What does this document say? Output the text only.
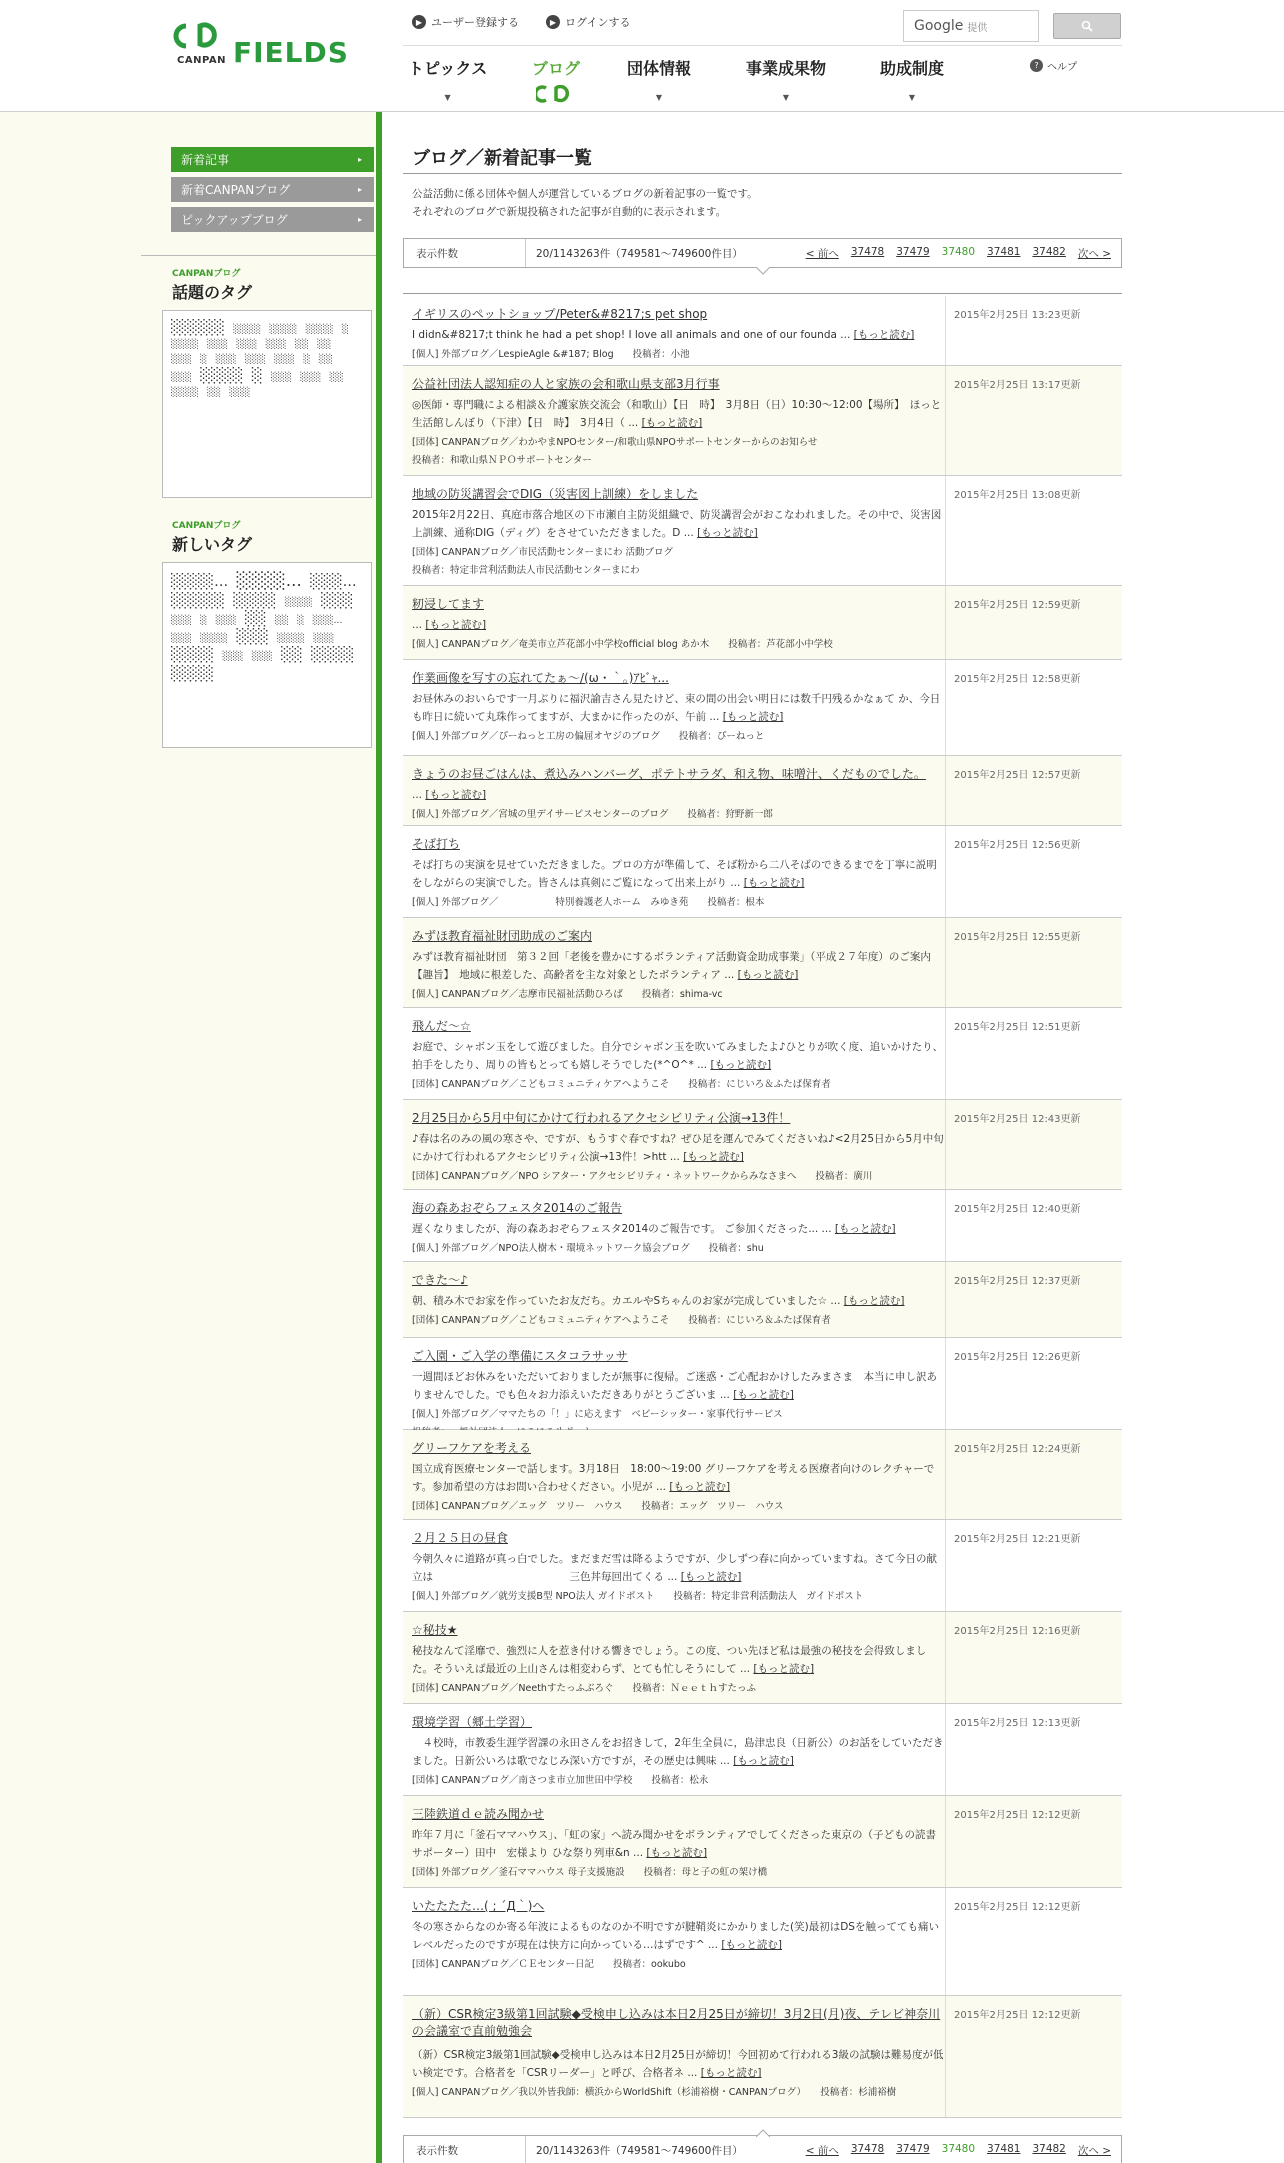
CANPAN FIELDS
▶ ユーザー登録する	▶ ログインする	Google 提供
トピックス
▼
ブログ	団体情報
▼
事業成果物
▼
助成制度
▼
? ヘルプ
新着記事	▸
新着CANPANブログ	▸
ピックアップブログ	▸
CANPANブログ
話題のタグ
░░░░░ ░░░░ ░░░░ ░░░░ ░ ░░░░ ░░░ ░░░ ░░░ ░░ ░░ ░░░ ░ ░░░ ░░░ ░░░ ░ ░░ ░░░ ░░░░ ░ ░░░ ░░░ ░░ ░░░░ ░░ ░░░
CANPANブログ
新しいタグ
░░░░… ░░░░… ░░░… ░░░░░ ░░░░ ░░░░ ░░░ ░░░ ░ ░░░ ░░ ░░ ░ ░░░… ░░░ ░░░░ ░░░ ░░░░ ░░░ ░░░░ ░░░ ░░░ ░░ ░░░░ ░░░░
ブログ／新着記事一覧
公益活動に係る団体や個人が運営しているブログの新着記事の一覧です。
それぞれのブログで新規投稿された記事が自動的に表示されます。
表示件数	20/1143263件（749581〜749600件目）	< 前へ 37478 37479 37480 37481 37482 次へ >
イギリスのペットショップ/Peter&#8217;s pet shop
I didn&#8217;t think he had a pet shop! I love all animals and one of our founda ... [もっと読む]
[個人] 外部ブログ／LespieAgle &#187; Blog　　投稿者：小池
2015年2月25日 13:23更新
公益社団法人認知症の人と家族の会和歌山県支部3月行事
◎医師・専門職による相談＆介護家族交流会（和歌山）【日　時】　3月8日（日）10:30～12:00【場所】　ほっと生活館しんぼり（下津）【日　時】　3月4日（ ... [もっと読む]
[団体] CANPANブログ／わかやまNPOセンター/和歌山県NPOサポートセンターからのお知らせ
投稿者：和歌山県ＮＰＯサポートセンター
2015年2月25日 13:17更新
地域の防災講習会でDIG（災害図上訓練）をしました
2015年2月22日、真庭市落合地区の下市瀬自主防災組織で、防災講習会がおこなわれました。その中で、災害図上訓練、通称DIG（ディグ）をさせていただきました。D ... [もっと読む]
[団体] CANPANブログ／市民活動センターまにわ 活動ブログ
投稿者：特定非営利活動法人市民活動センターまにわ
2015年2月25日 13:08更新
籾浸してます
... [もっと読む]
[個人] CANPANブログ／奄美市立芦花部小中学校official blog あか木　　投稿者：芦花部小中学校
2015年2月25日 12:59更新
作業画像を写すの忘れてたぁ〜/(ω・｀。)ｱﾋﾞｬ...
お昼休みのおいらです一月ぶりに福沢諭吉さん見たけど、束の間の出会い明日には数千円残るかなぁて か、今日も昨日に続いて丸珠作ってますが、大まかに作ったのが、午前 ... [もっと読む]
[個人] 外部ブログ／ぴーねっと工房の偏屈オヤジのブログ　　投稿者：ぴーねっと
2015年2月25日 12:58更新
きょうのお昼ごはんは、煮込みハンバーグ、ポテトサラダ、和え物、味噌汁、くだものでした。
... [もっと読む]
[個人] 外部ブログ／宮城の里デイサービスセンターのブログ　　投稿者：狩野新一郎
2015年2月25日 12:57更新
そば打ち
そば打ちの実演を見せていただきました。プロの方が準備して、そば粉から二八そばのできるまでを丁寧に説明をしながらの実演でした。皆さんは真剣にご覧になって出来上がり ... [もっと読む]
[個人] 外部ブログ／　　　　　　特別養護老人ホーム　みゆき苑　　投稿者：根本
2015年2月25日 12:56更新
みずほ教育福祉財団助成のご案内
みずほ教育福祉財団　第３２回「老後を豊かにするボランティア活動資金助成事業」（平成２７年度）のご案内【趣旨】　地域に根差した、高齢者を主な対象としたボランティア ... [もっと読む]
[個人] CANPANブログ／志摩市民福祉活動ひろば　　投稿者：shima-vc
2015年2月25日 12:55更新
飛んだ〜☆
お庭で、シャボン玉をして遊びました。自分でシャボン玉を吹いてみましたよ♪ひとりが吹く度、追いかけたり、拍手をしたり、周りの皆もとっても嬉しそうでした(*^O^* ... [もっと読む]
[団体] CANPANブログ／こどもコミュニティケアへようこそ　　投稿者：にじいろ＆ふたば保育者
2015年2月25日 12:51更新
2月25日から5月中旬にかけて行われるアクセシビリティ公演→13件！
♪春は名のみの風の寒さや、ですが、もうすぐ春ですね？ぜひ足を運んでみてくださいね♪<2月25日から5月中旬にかけて行われるアクセシビリティ公演→13件！>htt ... [もっと読む]
[団体] CANPANブログ／NPO シアター・アクセシビリティ・ネットワークからみなさまへ　　投稿者：廣川
2015年2月25日 12:43更新
海の森あおぞらフェスタ2014のご報告
遅くなりましたが、海の森あおぞらフェスタ2014のご報告です。 ご参加くださった... ... [もっと読む]
[個人] 外部ブログ／NPO法人樹木・環境ネットワーク協会ブログ　　投稿者：shu
2015年2月25日 12:40更新
できた〜♪
朝、積み木でお家を作っていたお友だち。カエルやSちゃんのお家が完成していました☆ ... [もっと読む]
[団体] CANPANブログ／こどもコミュニティケアへようこそ　　投稿者：にじいろ＆ふたば保育者
2015年2月25日 12:37更新
ご入園・ご入学の準備にスタコラサッサ
一週間ほどお休みをいただいておりましたが無事に復帰。ご迷惑・ご心配おかけしたみまさま　本当に申し訳ありませんでした。でも色々お力添えいただきありがとうございま ... [もっと読む]
[個人] 外部ブログ／ママたちの「！」に応えます　ベビーシッター・家事代行サービス
2015年2月25日 12:26更新
グリーフケアを考える
国立成育医療センターで話します。3月18日　18:00〜19:00 グリーフケアを考える医療者向けのレクチャーです。参加希望の方はお問い合わせください。小児が ... [もっと読む]
[団体] CANPANブログ／エッグ　ツリー　ハウス　　投稿者：エッグ　ツリー　ハウス
2015年2月25日 12:24更新
２月２５日の昼食
今朝久々に道路が真っ白でした。まだまだ雪は降るようですが、少しずつ春に向かっていますね。さて今日の献立は　　　　　　　　　　　　　三色丼毎回出てくる ... [もっと読む]
[個人] 外部ブログ／就労支援B型 NPO法人 ガイドポスト　　投稿者：特定非営利活動法人　ガイドポスト
2015年2月25日 12:21更新
☆秘技★
秘技なんて淫靡で、強烈に人を惹き付ける響きでしょう。この度、つい先ほど私は最強の秘技を会得致しました。そういえば最近の上山さんは相変わらず、とても忙しそうにして ... [もっと読む]
[団体] CANPANブログ／Neethすたっふぶろぐ　　投稿者：Ｎｅｅｔｈすたっふ
2015年2月25日 12:16更新
環境学習（郷土学習）
　４校時，市教委生涯学習課の永田さんをお招きして，2年生全員に，島津忠良（日新公）のお話をしていただきました。日新公いろは歌でなじみ深い方ですが，その歴史は興味 ... [もっと読む]
[団体] CANPANブログ／南さつま市立加世田中学校　　投稿者：松永
2015年2月25日 12:13更新
三陸鉄道ｄｅ読み聞かせ
昨年７月に「釜石ママハウス」、「虹の家」へ読み聞かせをボランティアでしてくださった東京の（子どもの読書サポーター）田中　宏様より ひな祭り列車&n ... [もっと読む]
[団体] 外部ブログ／釜石ママハウス 母子支援施設　　投稿者：母と子の虹の架け橋
2015年2月25日 12:12更新
いたたたた…( ; ´Д｀)ヘ
冬の寒さからなのか寄る年波によるものなのか不明ですが腱鞘炎にかかりました(笑)最初はDSを触ってても痛いレベルだったのですが現在は快方に向かっている…はずです^ ... [もっと読む]
[団体] CANPANブログ／ＣＥセンター日記　　投稿者：ookubo
2015年2月25日 12:12更新
（新）CSR検定3級第1回試験◆受検申し込みは本日2月25日が締切！3月2日(月)夜、テレビ神奈川の会議室で直前勉強会
（新）CSR検定3級第1回試験◆受検申し込みは本日2月25日が締切！今回初めて行われる3級の試験は難易度が低い検定です。合格者を「CSRリーダー」と呼び、合格者ネ ... [もっと読む]
[個人] CANPANブログ／我以外皆我師：横浜からWorldShift（杉浦裕樹・CANPANブログ）　　投稿者：杉浦裕樹
2015年2月25日 12:12更新
表示件数	20/1143263件（749581〜749600件目）	< 前へ 37478 37479 37480 37481 37482 次へ >
